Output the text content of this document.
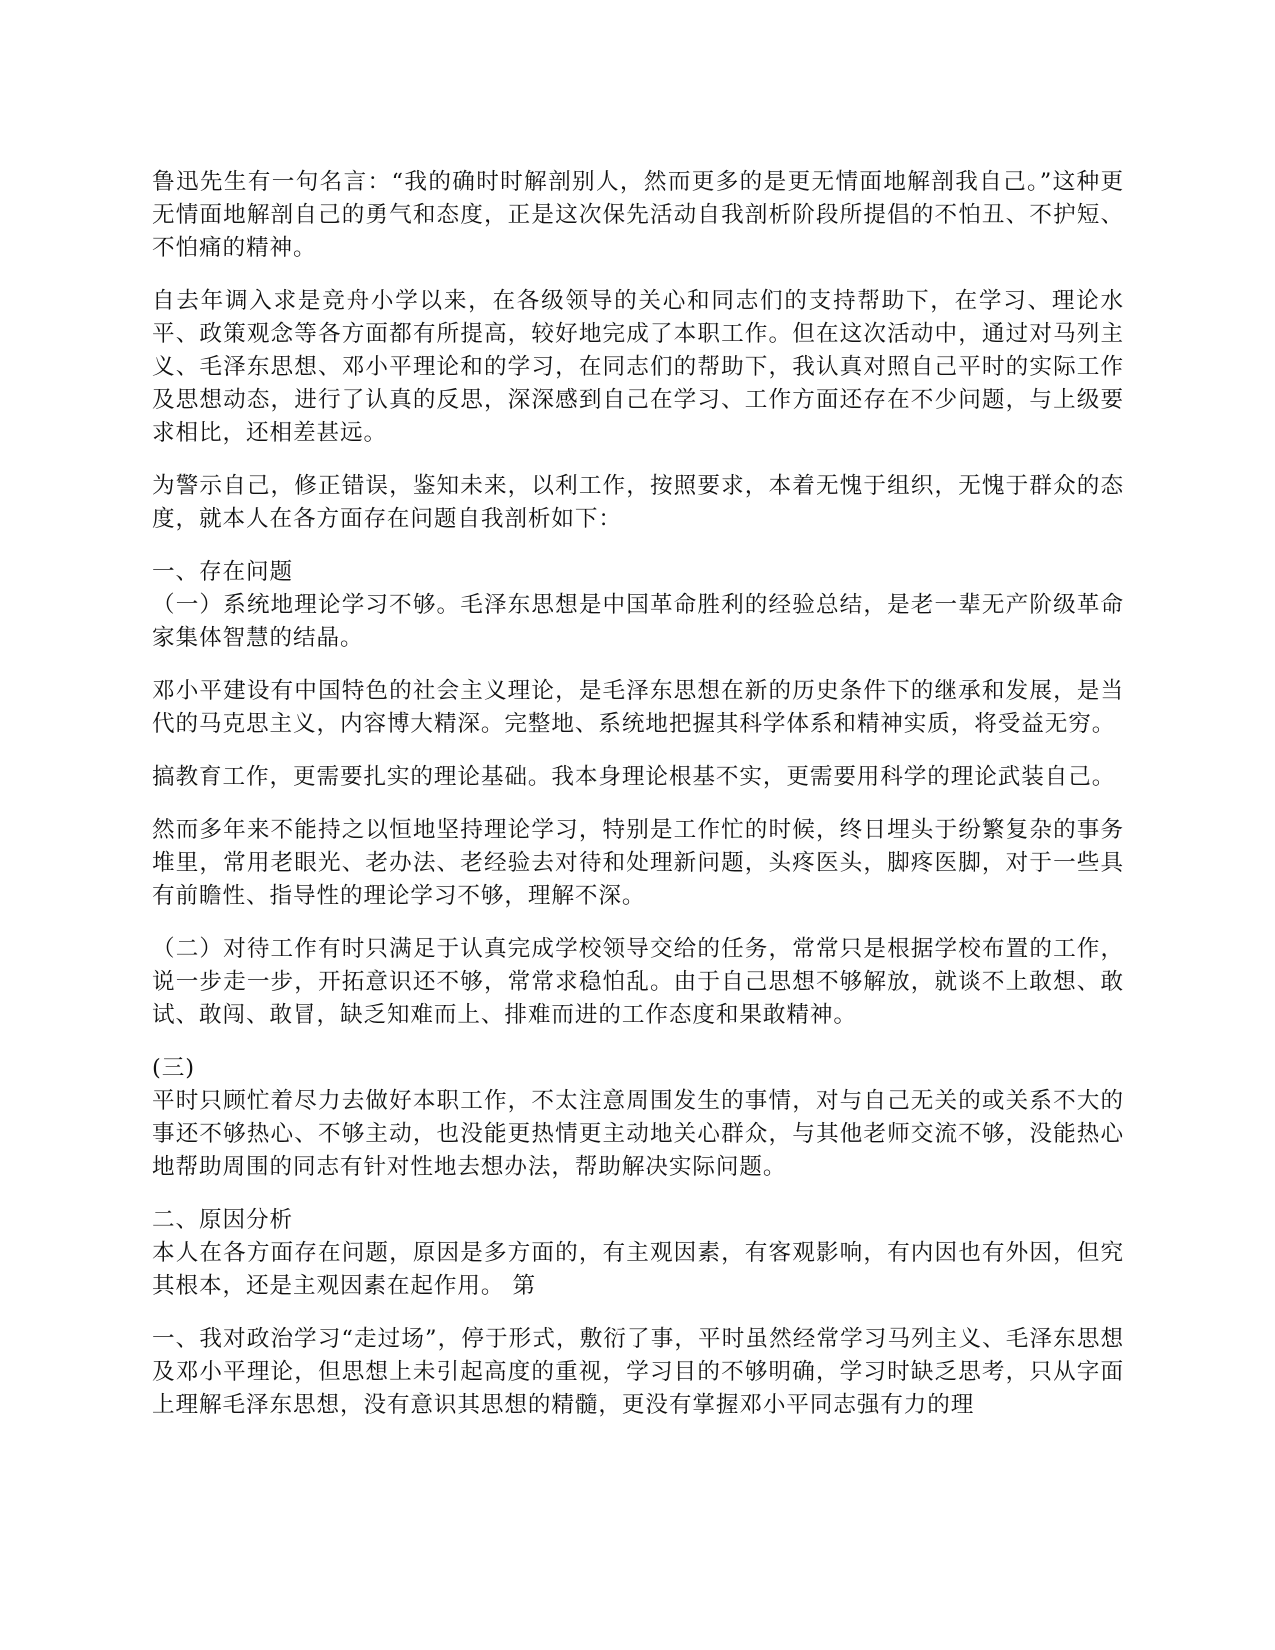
鲁迅先生有一句名言：“我的确时时解剖别人，然而更多的是更无情面地解剖我自己。”这种更无情面地解剖自己的勇气和态度，正是这次保先活动自我剖析阶段所提倡的不怕丑、不护短、不怕痛的精神。

自去年调入求是竞舟小学以来，在各级领导的关心和同志们的支持帮助下，在学习、理论水平、政策观念等各方面都有所提高，较好地完成了本职工作。但在这次活动中，通过对马列主义、毛泽东思想、邓小平理论和的学习，在同志们的帮助下，我认真对照自己平时的实际工作及思想动态，进行了认真的反思，深深感到自己在学习、工作方面还存在不少问题，与上级要求相比，还相差甚远。

为警示自己，修正错误，鉴知未来，以利工作，按照要求，本着无愧于组织，无愧于群众的态度，就本人在各方面存在问题自我剖析如下：

一、存在问题

（一）系统地理论学习不够。毛泽东思想是中国革命胜利的经验总结，是老一辈无产阶级革命家集体智慧的结晶。

邓小平建设有中国特色的社会主义理论，是毛泽东思想在新的历史条件下的继承和发展，是当代的马克思主义，内容博大精深。完整地、系统地把握其科学体系和精神实质，将受益无穷。

搞教育工作，更需要扎实的理论基础。我本身理论根基不实，更需要用科学的理论武装自己。

然而多年来不能持之以恒地坚持理论学习，特别是工作忙的时候，终日埋头于纷繁复杂的事务堆里，常用老眼光、老办法、老经验去对待和处理新问题，头疼医头，脚疼医脚，对于一些具有前瞻性、指导性的理论学习不够，理解不深。

（二）对待工作有时只满足于认真完成学校领导交给的任务，常常只是根据学校布置的工作，说一步走一步，开拓意识还不够，常常求稳怕乱。由于自己思想不够解放，就谈不上敢想、敢试、敢闯、敢冒，缺乏知难而上、排难而进的工作态度和果敢精神。

(三)

平时只顾忙着尽力去做好本职工作，不太注意周围发生的事情，对与自己无关的或关系不大的事还不够热心、不够主动，也没能更热情更主动地关心群众，与其他老师交流不够，没能热心地帮助周围的同志有针对性地去想办法，帮助解决实际问题。

二、原因分析

本人在各方面存在问题，原因是多方面的，有主观因素，有客观影响，有内因也有外因，但究其根本，还是主观因素在起作用。 第

一、我对政治学习“走过场”，停于形式，敷衍了事，平时虽然经常学习马列主义、毛泽东思想及邓小平理论，但思想上未引起高度的重视，学习目的不够明确，学习时缺乏思考，只从字面上理解毛泽东思想，没有意识其思想的精髓，更没有掌握邓小平同志强有力的理
